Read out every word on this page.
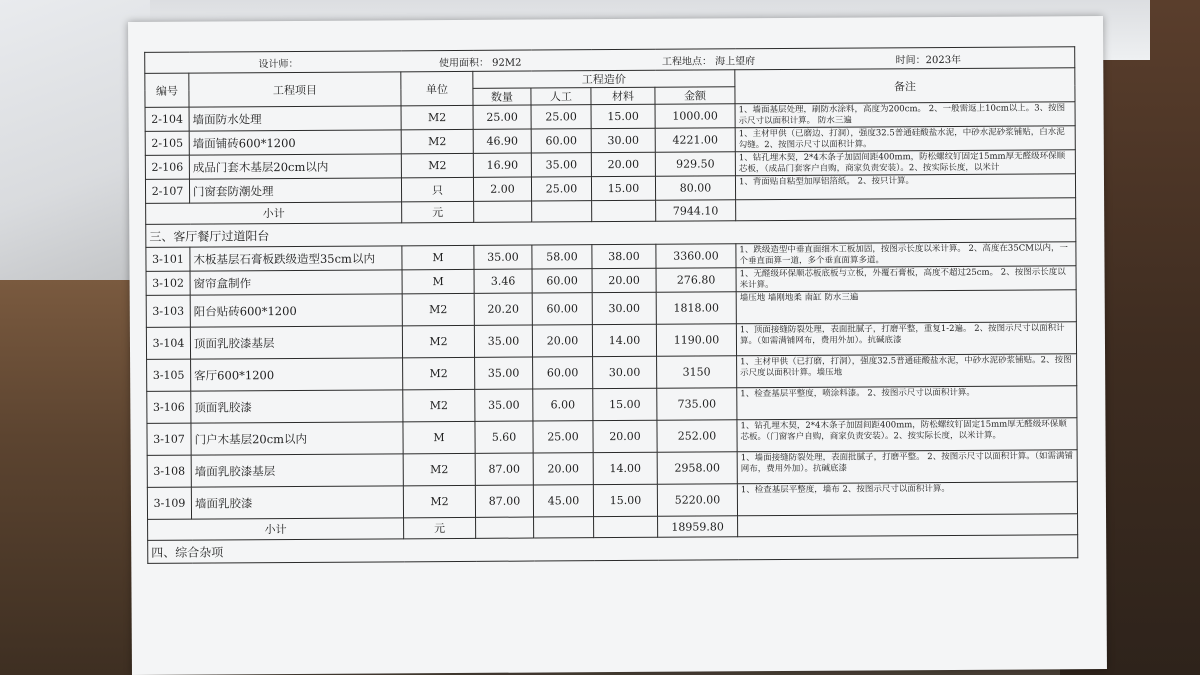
设计师： 使用面积： 92M2 工程地点： 海上望府 时间：2023年							

编号	工程项目	单位	工程造价				备注
			数量	人工	材料	金额	
2-104	墙面防水处理	M2	25.00	25.00	15.00	1000.00	1、墙面基层处理，刷防水涂料，高度为200cm。 2、一般需返上10cm以上。3、按图示尺寸以面积计算。 防水三遍
2-105	墙面铺砖600*1200	M2	46.90	60.00	30.00	4221.00	1、主材甲供（已磨边、打洞），强度32.5普通硅酸盐水泥，中砂水泥砂浆铺贴，白水泥勾缝。2、按图示尺寸以面积计算。
2-106	成品门套木基层20cm以内	M2	16.90	35.00	20.00	929.50	1、钻孔埋木契，2*4木条子加固间距400mm，防松螺纹钉固定15mm厚无醛级环保顺芯板，（成品门套客户自购，商家负责安装）。2、按实际长度，以米计
2-107	门窗套防潮处理	只	2.00	25.00	15.00	80.00	1、背面贴自粘型加厚铝箔纸。 2、按只计算。
小计		元				7944.10	
三、客厅餐厅过道阳台							
3-101	木板基层石膏板跌级造型35cm以内	M	35.00	58.00	38.00	3360.00	1、跌级造型中垂直面细木工板加固，按图示长度以米计算。 2、高度在35CM以内，一个垂直面算一道，多个垂直面算多道。
3-102	窗帘盒制作	M	3.46	60.00	20.00	276.80	1、无醛级环保顺芯板底板与立板，外覆石膏板，高度不超过25cm。 2、按图示长度以米计算。
3-103	阳台贴砖600*1200	M2	20.20	60.00	30.00	1818.00	墙压地 墙刚地柔 南缸 防水三遍
3-104	顶面乳胶漆基层	M2	35.00	20.00	14.00	1190.00	1、顶面接缝防裂处理，表面批腻子，打磨平整，重复1-2遍。 2、按图示尺寸以面积计算。（如需满铺网布，费用外加）。抗碱底漆
3-105	客厅600*1200	M2	35.00	60.00	30.00	3150	1、主材甲供（已打磨，打洞），强度32.5普通硅酸盐水泥，中砂水泥砂浆铺贴。2、按图示尺度以面积计算。墙压地
3-106	顶面乳胶漆	M2	35.00	6.00	15.00	735.00	1、检查基层平整度，喷涂料漆。 2、按图示尺寸以面积计算。
3-107	门户木基层20cm以内	M	5.60	25.00	20.00	252.00	1、钻孔埋木契，2*4木条子加固间距400mm，防松螺纹钉固定15mm厚无醛级环保顺芯板。（门窗客户自购，商家负责安装）。2、按实际长度，以米计算。
3-108	墙面乳胶漆基层	M2	87.00	20.00	14.00	2958.00	1、墙面接缝防裂处理，表面批腻子，打磨平整。 2、按图示尺寸以面积计算。（如需满铺网布，费用外加）。抗碱底漆
3-109	墙面乳胶漆	M2	87.00	45.00	15.00	5220.00	1、检查基层平整度，墙布 2、按图示尺寸以面积计算。
小计		元				18959.80	
四、综合杂项							
